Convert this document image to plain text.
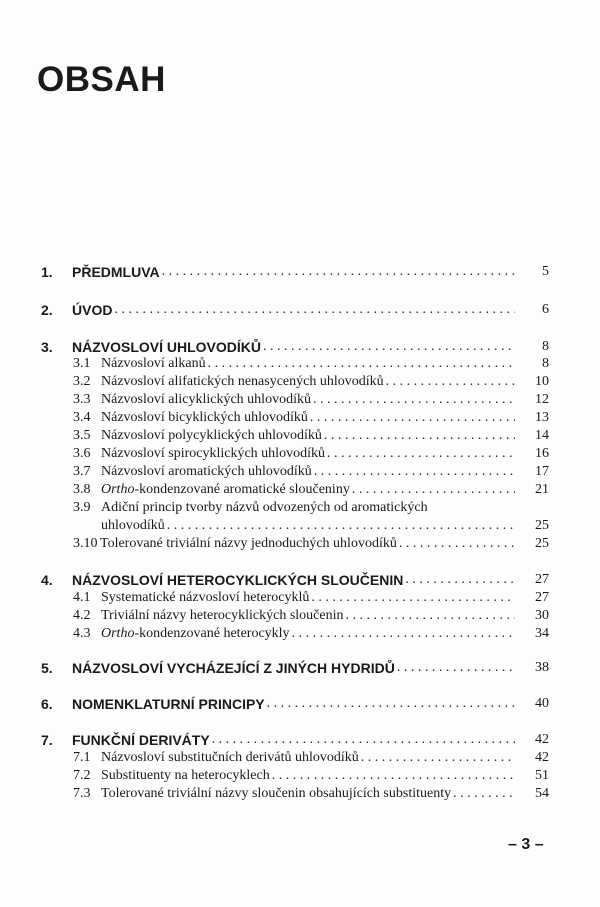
OBSAH
1. PŘEDMLUVA . . .	5
2. ÚVOD . . .	6
3. NÁZVOSLOVÍ UHLOVODÍKŮ . . .	8
3.1 Názvosloví alkanů . . .	8
3.2 Názvosloví alifatických nenasycených uhlovodíků . . .	10
3.3 Názvosloví alicyklických uhlovodíků . . .	12
3.4 Názvosloví bicyklických uhlovodíků . . .	13
3.5 Názvosloví polycyklických uhlovodíků . . .	14
3.6 Názvosloví spirocyklických uhlovodíků . . .	16
3.7 Názvosloví aromatických uhlovodíků . . .	17
3.8 Ortho -kondenzované aromatické sloučeniny . . .	21
3.9 Adiční princip tvorby názvů odvozených od aromatických
uhlovodíků . . .	25
3.10 Tolerované triviální názvy jednoduchých uhlovodíků . . .	25
4. NÁZVOSLOVÍ HETEROCYKLICKÝCH SLOUČENIN . . .	27
4.1 Systematické názvosloví heterocyklů . . .	27
4.2 Triviální názvy heterocyklických sloučenin . . .	30
4.3 Ortho -kondenzované heterocykly . . .	34
5. NÁZVOSLOVÍ VYCHÁZEJÍCÍ Z JINÝCH HYDRIDŮ . . .	38
6. NOMENKLATURNÍ PRINCIPY . . .	40
7. FUNKČNÍ DERIVÁTY . . .	42
7.1 Názvosloví substitučních derivátů uhlovodíků . . .	42
7.2 Substituenty na heterocyklech . . .	51
7.3 Tolerované triviální názvy sloučenin obsahujících substituenty . . .	54
– 3 –
